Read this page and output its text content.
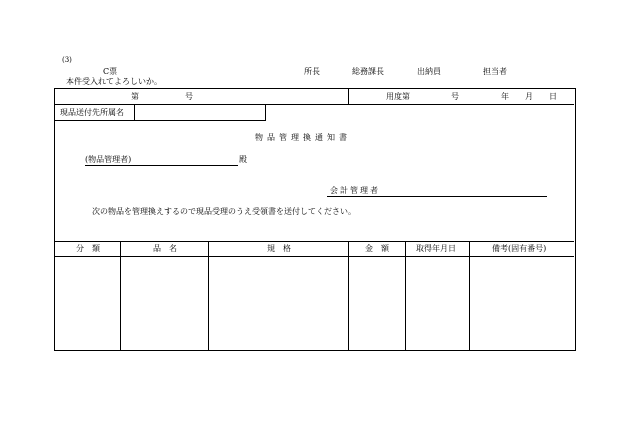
(3)
C票
本件受入れてよろしいか。
所長	総務課長	出納員	担当者
第	号	用度第	号	年 月 日
現品送付先所属名
物品管理換通知書
(物品管理者)	殿
会計管理者
次の物品を管理換えするので現品受理のうえ受領書を送付してください。
分　類	品　名	規　格	金　額	取得年月日	備考(固有番号)
